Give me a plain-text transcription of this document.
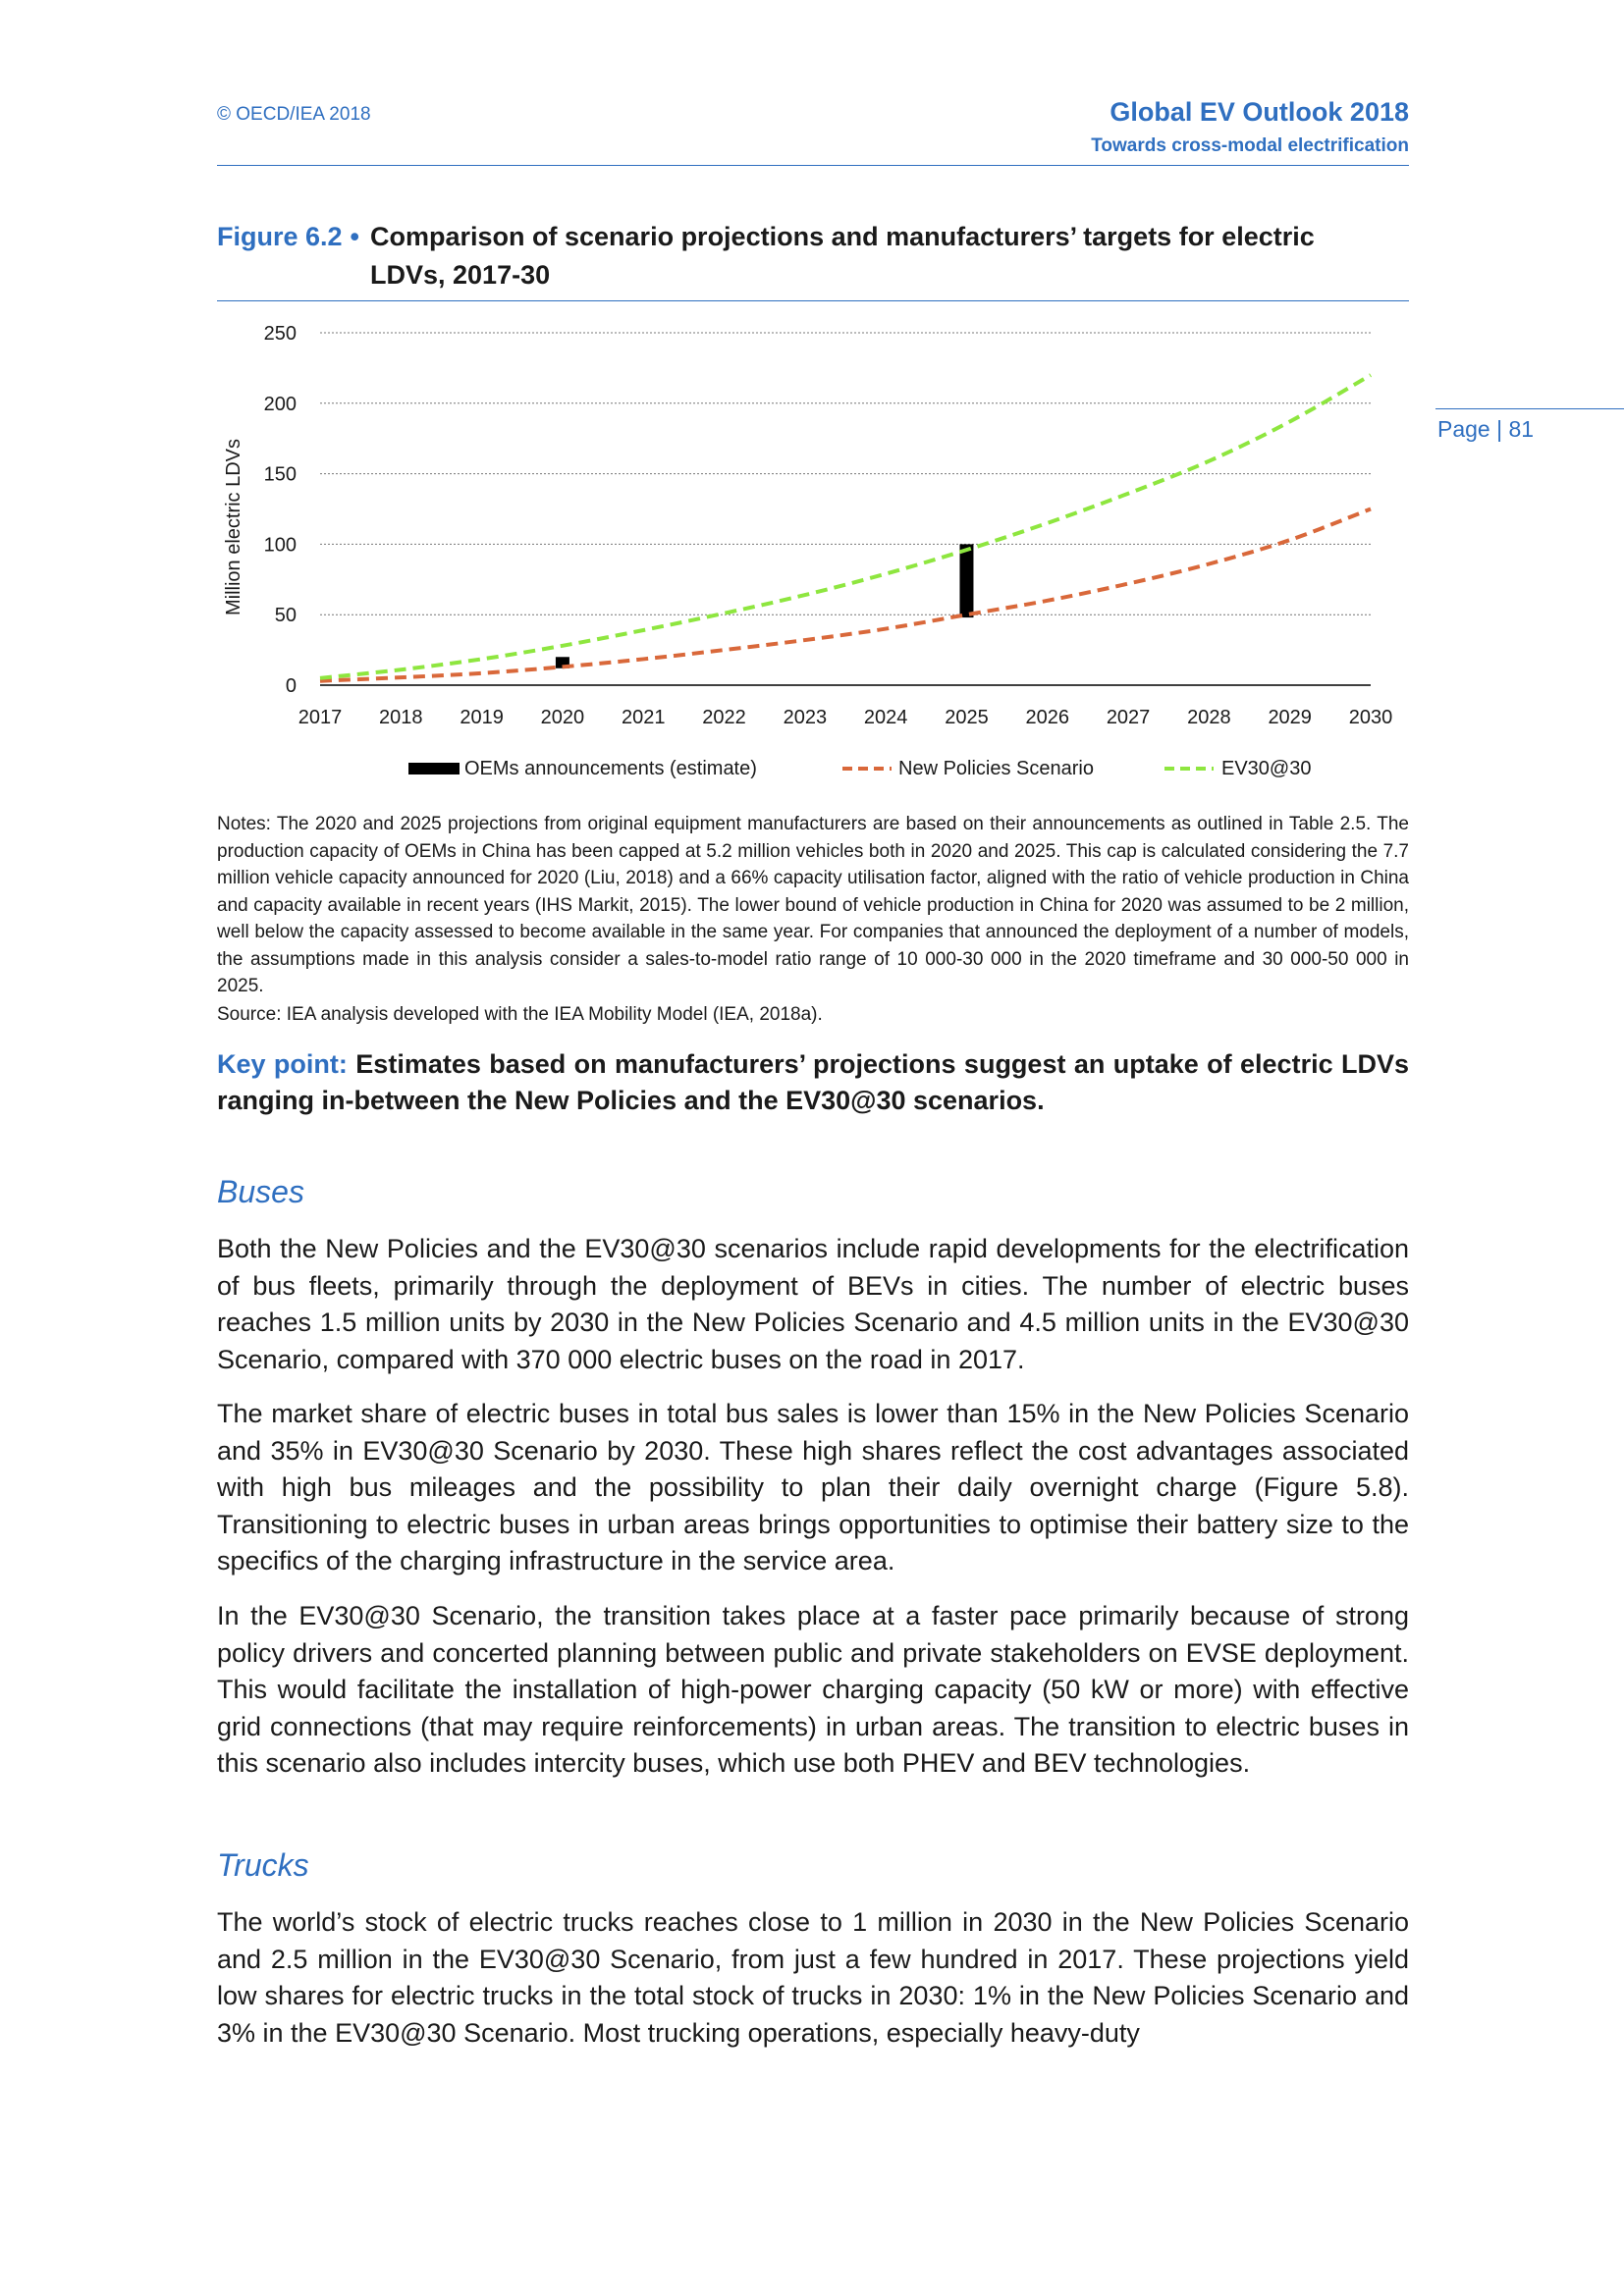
© OECD/IEA 2018	Global EV Outlook 2018
Towards cross-modal electrification
Page | 81
Figure 6.2 • Comparison of scenario projections and manufacturers’ targets for electric LDVs, 2017-30
0
50
100
150
200
250
2017 2018 2019 2020 2021 2022 2023 2024 2025 2026 2027 2028 2029 2030
Million electric LDVs
OEMs announcements (estimate)	New Policies Scenario	EV30@30
Notes: The 2020 and 2025 projections from original equipment manufacturers are based on their announcements as outlined in Table 2.5. The production capacity of OEMs in China has been capped at 5.2 million vehicles both in 2020 and 2025. This cap is calculated considering the 7.7 million vehicle capacity announced for 2020 (Liu, 2018) and a 66% capacity utilisation factor, aligned with the ratio of vehicle production in China and capacity available in recent years (IHS Markit, 2015). The lower bound of vehicle production in China for 2020 was assumed to be 2 million, well below the capacity assessed to become available in the same year. For companies that announced the deployment of a number of models, the assumptions made in this analysis consider a sales-to-model ratio range of 10 000-30 000 in the 2020 timeframe and 30 000-50 000 in 2025.
Source: IEA analysis developed with the IEA Mobility Model (IEA, 2018a).
Key point: Estimates based on manufacturers’ projections suggest an uptake of electric LDVs ranging in-between the New Policies and the EV30@30 scenarios.
Buses

Both the New Policies and the EV30@30 scenarios include rapid developments for the electrification of bus fleets, primarily through the deployment of BEVs in cities. The number of electric buses reaches 1.5 million units by 2030 in the New Policies Scenario and 4.5 million units in the EV30@30 Scenario, compared with 370 000 electric buses on the road in 2017.

The market share of electric buses in total bus sales is lower than 15% in the New Policies Scenario and 35% in EV30@30 Scenario by 2030. These high shares reflect the cost advantages associated with high bus mileages and the possibility to plan their daily overnight charge (Figure 5.8). Transitioning to electric buses in urban areas brings opportunities to optimise their battery size to the specifics of the charging infrastructure in the service area.

In the EV30@30 Scenario, the transition takes place at a faster pace primarily because of strong policy drivers and concerted planning between public and private stakeholders on EVSE deployment. This would facilitate the installation of high-power charging capacity (50 kW or more) with effective grid connections (that may require reinforcements) in urban areas. The transition to electric buses in this scenario also includes intercity buses, which use both PHEV and BEV technologies.

Trucks

The world’s stock of electric trucks reaches close to 1 million in 2030 in the New Policies Scenario and 2.5 million in the EV30@30 Scenario, from just a few hundred in 2017. These projections yield low shares for electric trucks in the total stock of trucks in 2030: 1% in the New Policies Scenario and 3% in the EV30@30 Scenario. Most trucking operations, especially heavy-duty
